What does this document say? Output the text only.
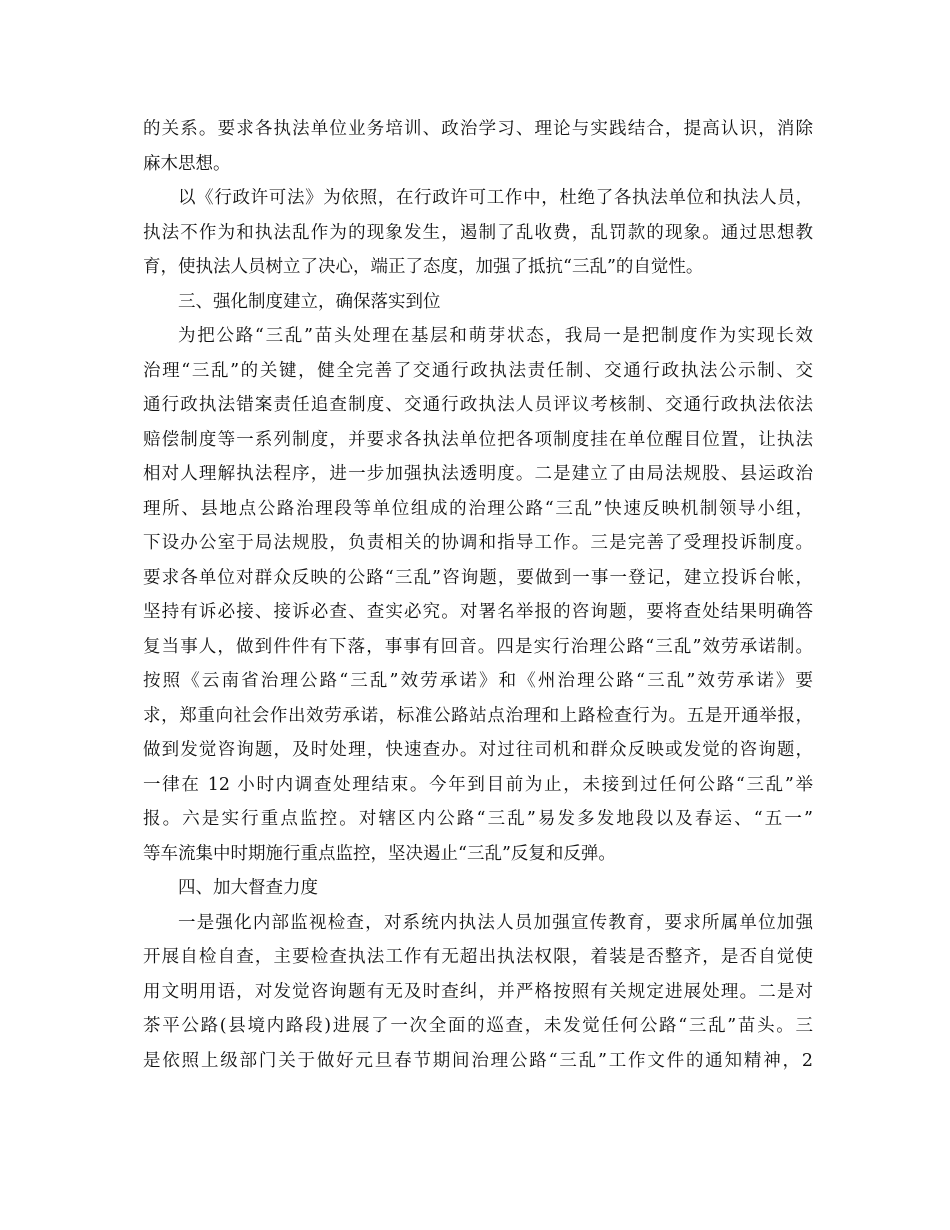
的关系。要求各执法单位业务培训、政治学习、理论与实践结合，提高认识，消除
麻木思想。
以《行政许可法》为依照，在行政许可工作中，杜绝了各执法单位和执法人员，
执法不作为和执法乱作为的现象发生，遏制了乱收费，乱罚款的现象。通过思想教
育，使执法人员树立了决心，端正了态度，加强了抵抗“三乱”的自觉性。
三、强化制度建立，确保落实到位
为把公路“三乱”苗头处理在基层和萌芽状态，我局一是把制度作为实现长效
治理“三乱”的关键，健全完善了交通行政执法责任制、交通行政执法公示制、交
通行政执法错案责任追查制度、交通行政执法人员评议考核制、交通行政执法依法
赔偿制度等一系列制度，并要求各执法单位把各项制度挂在单位醒目位置，让执法
相对人理解执法程序，进一步加强执法透明度。二是建立了由局法规股、县运政治
理所、县地点公路治理段等单位组成的治理公路“三乱”快速反映机制领导小组，
下设办公室于局法规股，负责相关的协调和指导工作。三是完善了受理投诉制度。
要求各单位对群众反映的公路“三乱”咨询题，要做到一事一登记，建立投诉台帐，
坚持有诉必接、接诉必查、查实必究。对署名举报的咨询题，要将查处结果明确答
复当事人，做到件件有下落，事事有回音。四是实行治理公路“三乱”效劳承诺制。
按照《云南省治理公路“三乱”效劳承诺》和《州治理公路“三乱”效劳承诺》要
求，郑重向社会作出效劳承诺，标准公路站点治理和上路检查行为。五是开通举报，
做到发觉咨询题，及时处理，快速查办。对过往司机和群众反映或发觉的咨询题，
一律在 12 小时内调查处理结束。今年到目前为止，未接到过任何公路“三乱”举
报。六是实行重点监控。对辖区内公路“三乱”易发多发地段以及春运、“五一”
等车流集中时期施行重点监控，坚决遏止“三乱”反复和反弹。
四、加大督查力度
一是强化内部监视检查，对系统内执法人员加强宣传教育，要求所属单位加强
开展自检自查，主要检查执法工作有无超出执法权限，着装是否整齐，是否自觉使
用文明用语，对发觉咨询题有无及时查纠，并严格按照有关规定进展处理。二是对
茶平公路(县境内路段)进展了一次全面的巡查，未发觉任何公路“三乱”苗头。三
是依照上级部门关于做好元旦春节期间治理公路“三乱”工作文件的通知精神，2
